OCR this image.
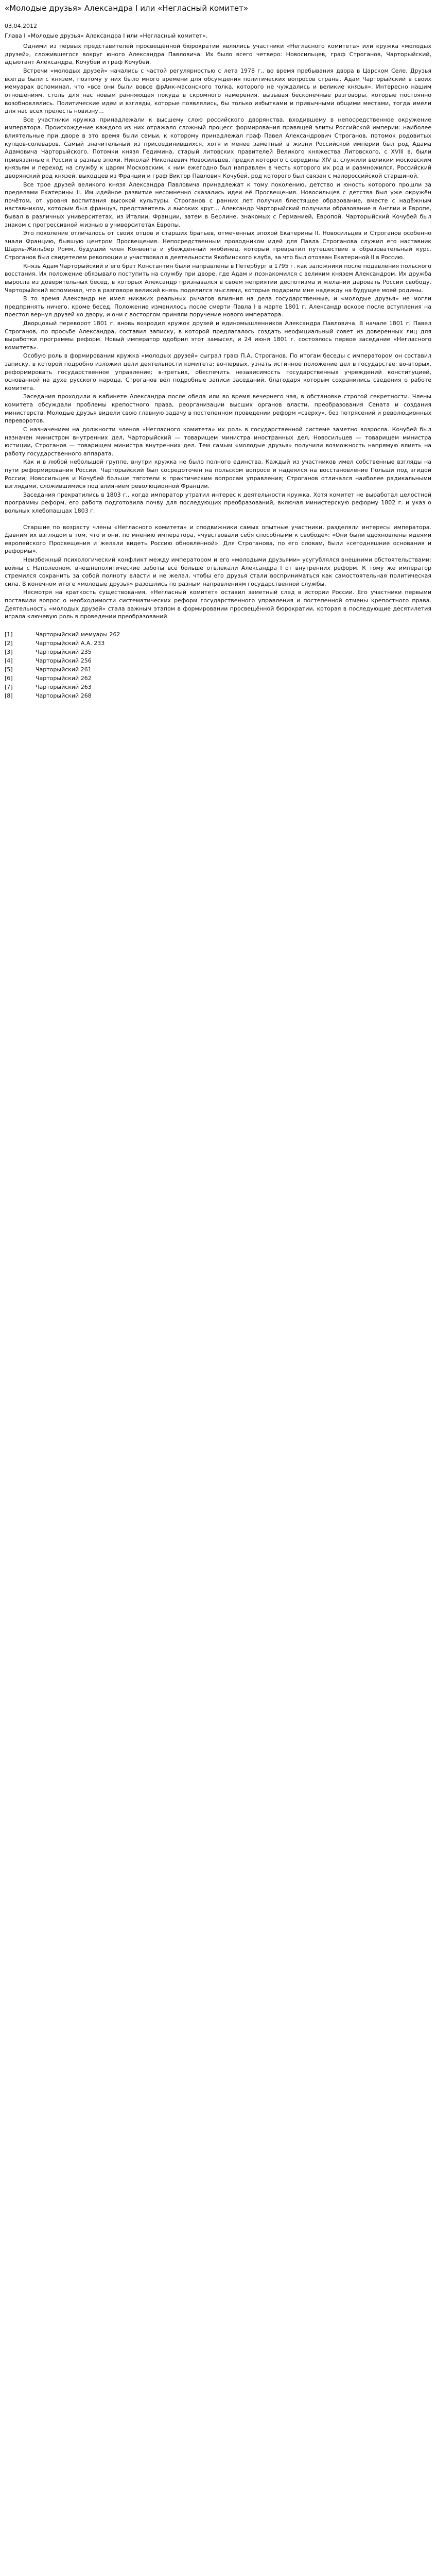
«Молодые друзья» Александра I или «Негласный комитет»
03.04.2012
Глава I «Молодые друзья» Александра I или «Негласный комитет».

Одними из первых представителей просвещённой бюрократии являлись участники «Негласного комитета» или кружка «молодых друзей», сложившегося вокруг юного Александра Павловича. Их было всего четверо: Новосильцев, граф Строганов, Чарторыйский, адъютант Александра, Кочубей и граф Кочубей.

Встречи «молодых друзей» начались с частой регулярностью с лета 1978 г., во время пребывания двора в Царском Селе. Друзья всегда были с князем, поэтому у них было много времени для обсуждения политических вопросов страны. Адам Чарторыйский в своих мемуарах вспоминал, что «все они были вовсе фрАнк-масонского толка, которого не чуждались и великие князья». Интересно нашим отношениям, столь для нас новым ранняющая покуда в скромного намерения, вызывая бесконечные разговоры, которые постоянно возобновлялись. Политические идеи и взгляды, которые появлялись, бы только избытками и привычными общими местами, тогда имели для нас всех прелесть новизну…

Все участники кружка принадлежали к высшему слою российского дворянства, входившему в непосредственное окружение императора. Происхождение каждого из них отражало сложный процесс формирования правящей элиты Российской империи: наиболее влиятельные при дворе в это время были семьи, к которому принадлежал граф Павел Александрович Строганов, потомок родовитых купцов-солеваров. Самый значительный из присоединившихся, хотя и менее заметный в жизни Российской империи был род Адама Адамовича Чарторыйского. Потомки князя Гедимина, старый литовских правителей Великого княжества Литовского, с XVIII в. были привязанные к России в разные эпохи. Николай Николаевич Новосильцев, предки которого с середины XIV в. служили великим московским князьям и переход на службу к царям Московским, к ним ежегодно был направлен в честь которого их род и размножился. Российский дворянский род князей, выходцев из Франции и граф Виктор Павлович Кочубей, род которого был связан с малороссийской старшиной.

Все трое друзей великого князя Александра Павловича принадлежат к тому поколению, детство и юность которого прошли за пределами Екатерины II. Им идейное развитие несомненно сказались идеи её Просвещения. Новосильцев с детства был уже окружён почётом, от уровня воспитания высокой культуры. Строганов с ранних лет получил блестящее образование, вместе с надёжным наставником, которым был француз, представитель и высоких круг… Александр Чарторыйский получили образование в Англии и Европе, бывал в различных университетах, из Италии, Франции, затем в Берлине, знакомых с Германией, Европой. Чарторыйский Кочубей был знаком с прогрессивной жизнью в университетах Европы.

Это поколение отличалось от своих отцов и старших братьев, отмеченных эпохой Екатерины II. Новосильцев и Строганов особенно знали Францию, бывшую центром Просвещения. Непосредственным проводником идей для Павла Строганова служил его наставник Шарль-Жильбер Ромм, будущий член Конвента и убеждённый якобинец, который превратил путешествие в образовательный курс. Строганов был свидетелем революции и участвовал в деятельности Якобинского клуба, за что был отозван Екатериной II в Россию.

Князь Адам Чарторыйский и его брат Константин были направлены в Петербург в 1795 г. как заложники после подавления польского восстания. Их положение обязывало поступить на службу при дворе, где Адам и познакомился с великим князем Александром. Их дружба выросла из доверительных бесед, в которых Александр признавался в своём неприятии деспотизма и желании даровать России свободу. Чарторыйский вспоминал, что в разговоре великий князь поделился мыслями, которые подарили мне надежду на будущее моей родины.

В то время Александр не имел никаких реальных рычагов влияния на дела государственные, и «молодые друзья» не могли предпринять ничего, кроме бесед. Положение изменилось после смерти Павла I в марте 1801 г. Александр вскоре после вступления на престол вернул друзей ко двору, и они с восторгом приняли поручение нового императора.

Дворцовый переворот 1801 г. вновь возродил кружок друзей и единомышленников Александра Павловича. В начале 1801 г. Павел Строганов, по просьбе Александра, составил записку, в которой предлагалось создать неофициальный совет из доверенных лиц для выработки программы реформ. Новый император одобрил этот замысел, и 24 июня 1801 г. состоялось первое заседание «Негласного комитета».

Особую роль в формировании кружка «молодых друзей» сыграл граф П.А. Строганов. По итогам беседы с императором он составил записку, в которой подробно изложил цели деятельности комитета: во-первых, узнать истинное положение дел в государстве; во-вторых, реформировать государственное управление; в-третьих, обеспечить независимость государственных учреждений конституцией, основанной на духе русского народа. Строганов вёл подробные записи заседаний, благодаря которым сохранились сведения о работе комитета.

Заседания проходили в кабинете Александра после обеда или во время вечернего чая, в обстановке строгой секретности. Члены комитета обсуждали проблемы крепостного права, реорганизации высших органов власти, преобразования Сената и создания министерств. Молодые друзья видели свою главную задачу в постепенном проведении реформ «сверху», без потрясений и революционных переворотов.

С назначением на должности членов «Негласного комитета» их роль в государственной системе заметно возросла. Кочубей был назначен министром внутренних дел, Чарторыйский — товарищем министра иностранных дел, Новосильцев — товарищем министра юстиции, Строганов — товарищем министра внутренних дел. Тем самым «молодые друзья» получили возможность напрямую влиять на работу государственного аппарата.

Как и в любой небольшой группе, внутри кружка не было полного единства. Каждый из участников имел собственные взгляды на пути реформирования России. Чарторыйский был сосредоточен на польском вопросе и надеялся на восстановление Польши под эгидой России; Новосильцев и Кочубей больше тяготели к практическим вопросам управления; Строганов отличался наиболее радикальными взглядами, сложившимися под влиянием революционной Франции.

Заседания прекратились в 1803 г., когда император утратил интерес к деятельности кружка. Хотя комитет не выработал целостной программы реформ, его работа подготовила почву для последующих преобразований, включая министерскую реформу 1802 г. и указ о вольных хлебопашцах 1803 г.

Старшие по возрасту члены «Негласного комитета» и сподвижники самых опытные участники, разделяли интересы императора. Давним их взглядом в том, что и они, по мнению императора, «чувствовали себя способными к свободе»: «Они были вдохновлены идеями европейского Просвещения и желали видеть Россию обновлённой». Для Строганова, по его словам, были «сегодняшние основания и реформы».

Неизбежный психологический конфликт между императором и его «молодыми друзьями» усугублялся внешними обстоятельствами: войны с Наполеоном, внешнеполитические заботы всё больше отвлекали Александра I от внутренних реформ. К тому же император стремился сохранить за собой полноту власти и не желал, чтобы его друзья стали восприниматься как самостоятельная политическая сила. В конечном итоге «молодые друзья» разошлись по разным направлениям государственной службы.

Несмотря на краткость существования, «Негласный комитет» оставил заметный след в истории России. Его участники первыми поставили вопрос о необходимости систематических реформ государственного управления и постепенной отмены крепостного права. Деятельность «молодых друзей» стала важным этапом в формировании просвещённой бюрократии, которая в последующие десятилетия играла ключевую роль в проведении преобразований.

[1]	Чарторыйский мемуары 262
[2]	Чарторыйский А.А. 233
[3]	Чарторыйский 235
[4]	Чарторыйский 256
[5]	Чарторыйский 261
[6]	Чарторыйский 262
[7]	Чарторыйский 263
[8]	Чарторыйский 268
